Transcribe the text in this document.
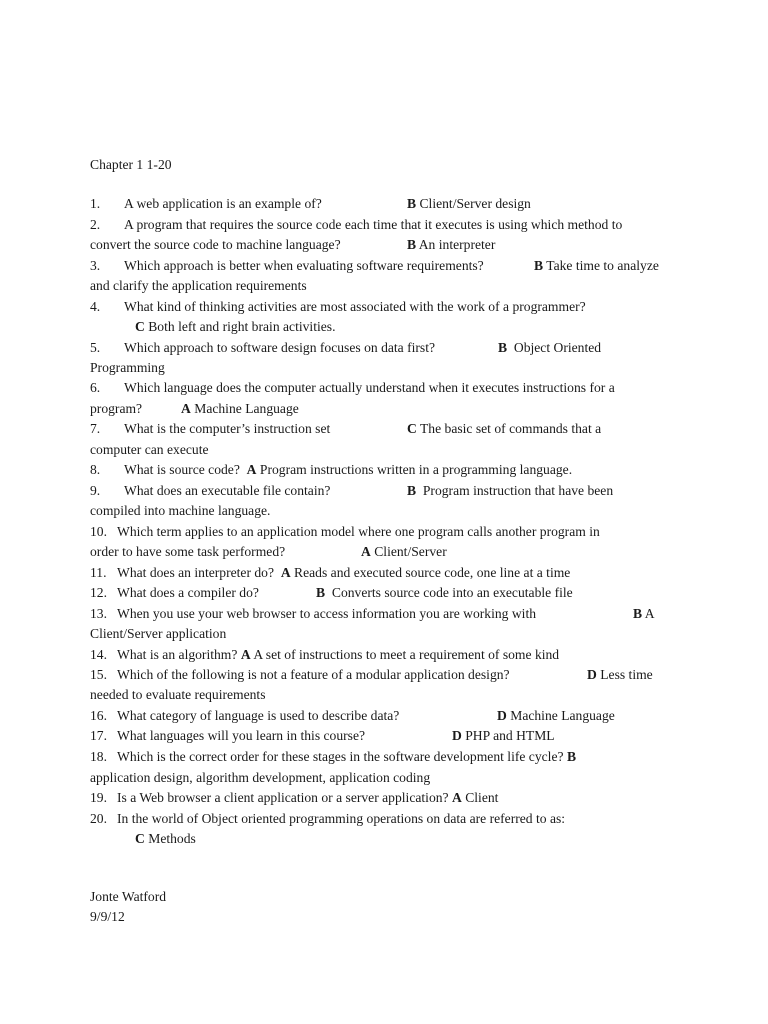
Chapter 1 1-20
1. A web application is an example of?	B Client/Server design
2. A program that requires the source code each time that it executes is using which method to
convert the source code to machine language?	B An interpreter
3. Which approach is better when evaluating software requirements?	B Take time to analyze
and clarify the application requirements
4. What kind of thinking activities are most associated with the work of a programmer?
C Both left and right brain activities.
5. Which approach to software design focuses on data first?	B Object Oriented
Programming
6. Which language does the computer actually understand when it executes instructions for a
program?	A Machine Language
7. What is the computer’s instruction set	C The basic set of commands that a
computer can execute
8. What is source code? A Program instructions written in a programming language.
9. What does an executable file contain?	B Program instruction that have been
compiled into machine language.
10. Which term applies to an application model where one program calls another program in
order to have some task performed?	A Client/Server
11. What does an interpreter do? A Reads and executed source code, one line at a time
12. What does a compiler do?	B Converts source code into an executable file
13. When you use your web browser to access information you are working with	B A
Client/Server application
14. What is an algorithm? A A set of instructions to meet a requirement of some kind
15. Which of the following is not a feature of a modular application design?	D Less time
needed to evaluate requirements
16. What category of language is used to describe data?	D Machine Language
17. What languages will you learn in this course?	D PHP and HTML
18. Which is the correct order for these stages in the software development life cycle? B
application design, algorithm development, application coding
19. Is a Web browser a client application or a server application? A Client
20. In the world of Object oriented programming operations on data are referred to as:
C Methods
Jonte Watford
9/9/12
